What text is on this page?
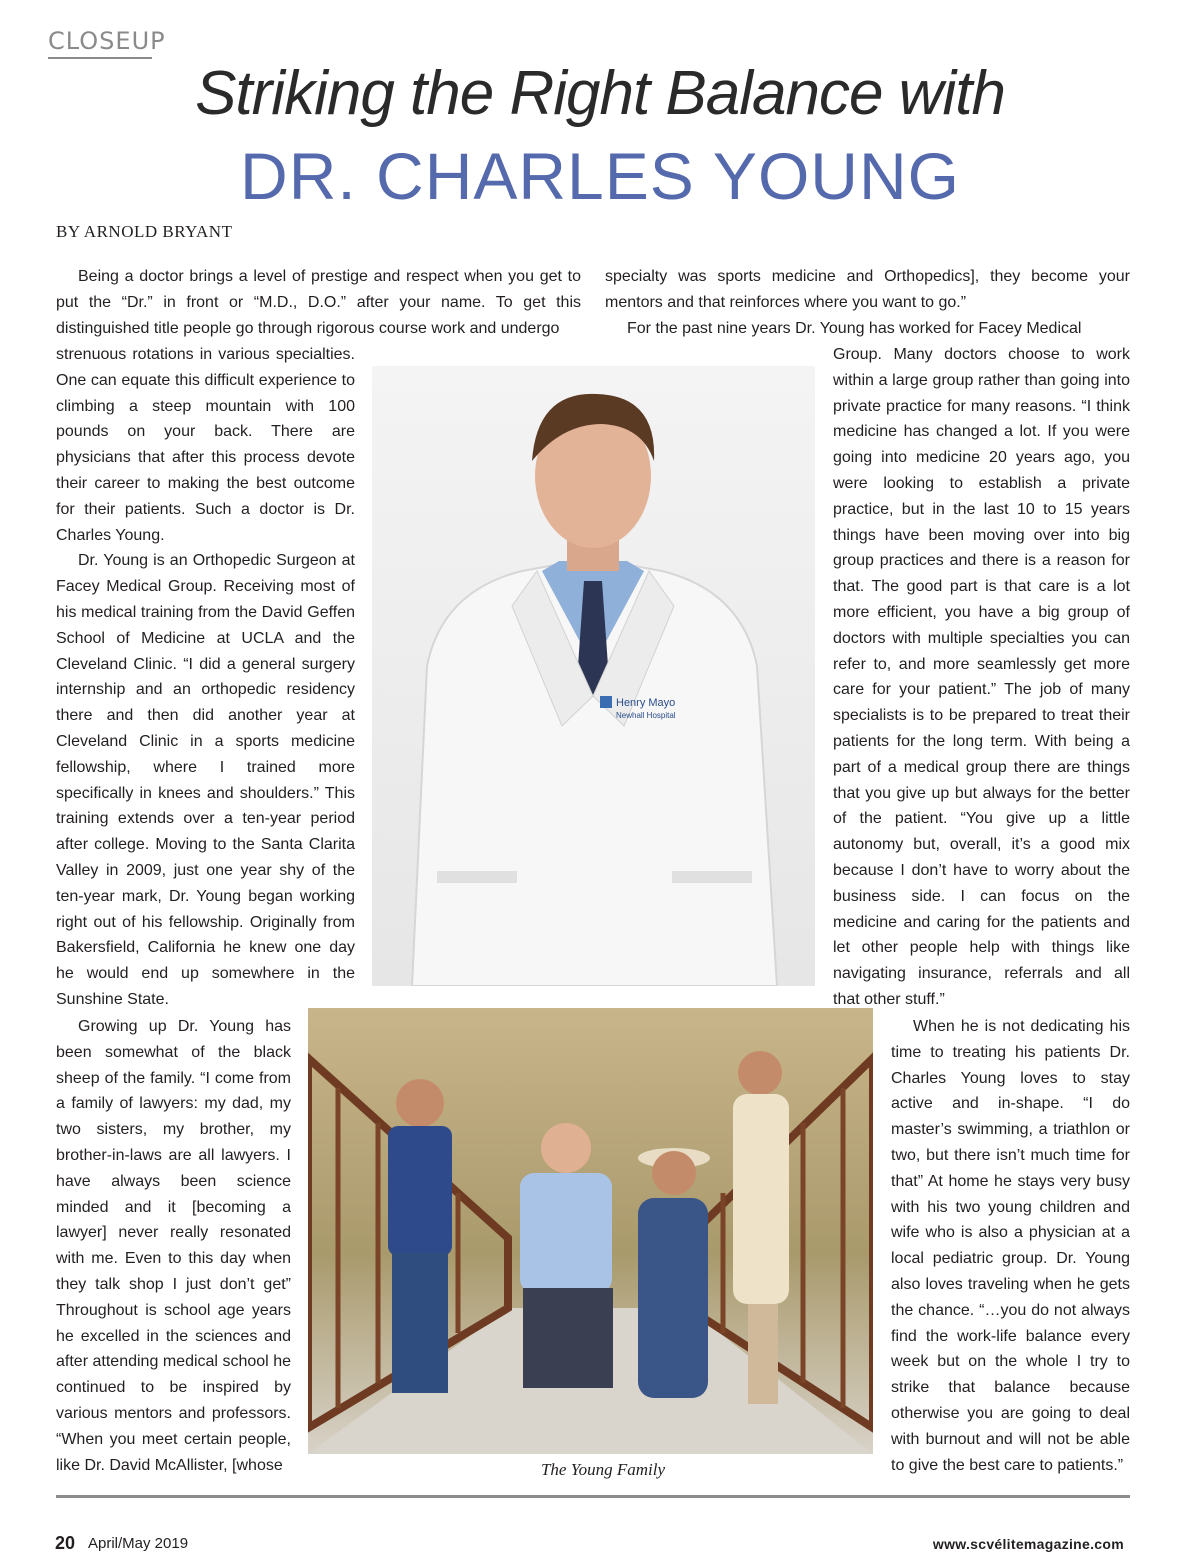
CLOSEUP
Striking the Right Balance with
DR. CHARLES YOUNG
BY ARNOLD BRYANT
Being a doctor brings a level of prestige and respect when you get to put the “Dr.” in front or “M.D., D.O.” after your name. To get this distinguished title people go through rigorous course work and undergo

strenuous rotations in various specialties. One can equate this difficult experience to climbing a steep mountain with 100 pounds on your back. There are physicians that after this process devote their career to making the best outcome for their patients. Such a doctor is Dr. Charles Young.

Dr. Young is an Orthopedic Surgeon at Facey Medical Group. Receiving most of his medical training from the David Geffen School of Medicine at UCLA and the Cleveland Clinic. “I did a general surgery internship and an orthopedic residency there and then did another year at Cleveland Clinic in a sports medicine fellowship, where I trained more specifically in knees and shoulders.” This training extends over a ten-year period after college. Moving to the Santa Clarita Valley in 2009, just one year shy of the ten-year mark, Dr. Young began working right out of his fellowship. Originally from Bakersfield, California he knew one day he would end up somewhere in the Sunshine State.

Growing up Dr. Young has been somewhat of the black sheep of the family. “I come from a family of lawyers: my dad, my two sisters, my brother, my brother-in-laws are all lawyers. I have always been science minded and it [becoming a lawyer] never really resonated with me. Even to this day when they talk shop I just don’t get” Throughout is school age years he excelled in the sciences and after attending medical school he continued to be inspired by various mentors and professors. “When you meet certain people, like Dr. David McAllister, [whose

specialty was sports medicine and Orthopedics], they become your mentors and that reinforces where you want to go.”

For the past nine years Dr. Young has worked for Facey Medical

Group. Many doctors choose to work within a large group rather than going into private practice for many reasons. “I think medicine has changed a lot. If you were going into medicine 20 years ago, you were looking to establish a private practice, but in the last 10 to 15 years things have been moving over into big group practices and there is a reason for that. The good part is that care is a lot more efficient, you have a big group of doctors with multiple specialties you can refer to, and more seamlessly get more care for your patient.” The job of many specialists is to be prepared to treat their patients for the long term. With being a part of a medical group there are things that you give up but always for the better of the patient. “You give up a little autonomy but, overall, it’s a good mix because I don’t have to worry about the business side. I can focus on the medicine and caring for the patients and let other people help with things like navigating insurance, referrals and all that other stuff.”
When he is not dedicating his time to treating his patients Dr. Charles Young loves to stay active and in-shape. “I do master’s swimming, a triathlon or two, but there isn’t much time for that” At home he stays very busy with his two young children and wife who is also a physician at a local pediatric group. Dr. Young also loves traveling when he gets the chance. “…you do not always find the work-life balance every week but on the whole I try to strike that balance because otherwise you are going to deal with burnout and will not be able to give the best care to patients.”
Henry Mayo
Newhall Hospital
The Young Family
20 April/May 2019	www.scvélitemagazine.com
